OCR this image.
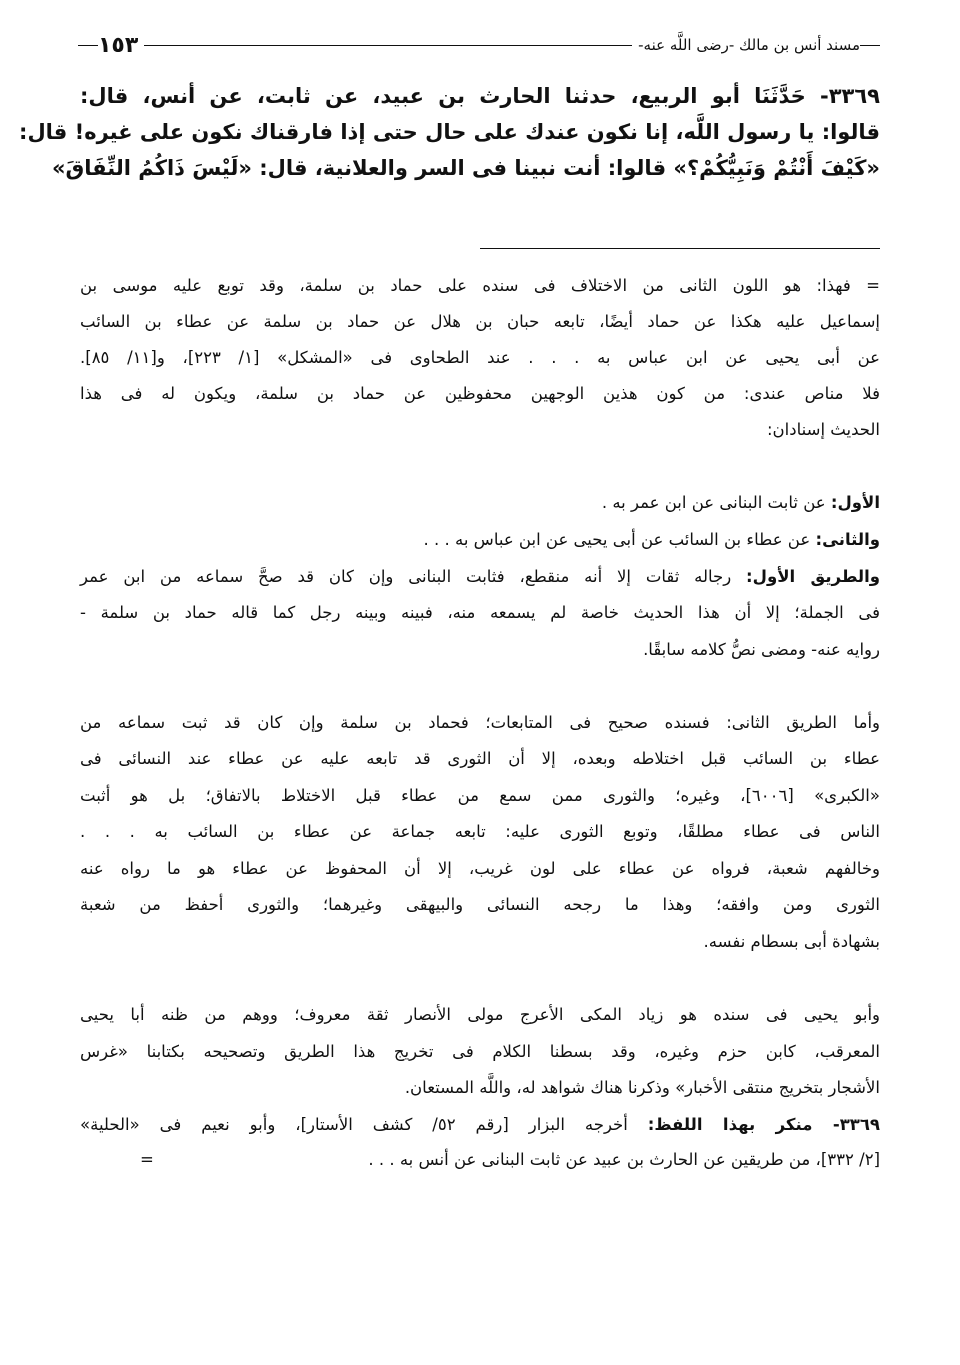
مسند أنس بن مالك -رضى اللَّه عنه-
١٥٣
٣٣٦٩- حَدَّثَنَا أبو الربيع، حدثنا الحارث بن عبيد، عن ثابت، عن أنس، قال:
قالوا: يا رسول اللَّه، إنا نكون عندك على حال حتى إذا فارقناك نكون على غيره! قال:
«كَيْفَ أَنْتُمْ وَنَبِيُّكُمْ؟» قالوا: أنت نبينا فى السر والعلانية، قال: «لَيْسَ ذَاكُمُ النِّفَاقَ»
= فهذا: هو اللون الثانى من الاختلاف فى سنده على حماد بن سلمة، وقد توبع عليه موسى بن
إسماعيل عليه هكذا عن حماد أيضًا، تابعه حبان بن هلال عن حماد بن سلمة عن عطاء بن السائب
عن أبى يحيى عن ابن عباس به . . . عند الطحاوى فى «المشكل» [١/ ٢٢٣]، و[١١/ ٨٥].
فلا مناص عندى: من كون هذين الوجهين محفوظين عن حماد بن سلمة، ويكون له فى هذا
الحديث إسنادان:
الأول: عن ثابت البنانى عن ابن عمر به .
والثانى: عن عطاء بن السائب عن أبى يحيى عن ابن عباس به . . .
والطريق الأول: رجاله ثقات إلا أنه منقطع، فثابت البنانى وإن كان قد صحَّ سماعه من ابن عمر
فى الجملة؛ إلا أن هذا الحديث خاصة لم يسمعه منه، فبينه وبينه رجل كما قاله حماد بن سلمة -
روايه عنه- ومضى نصُّ كلامه سابقًا.
وأما الطريق الثانى: فسنده صحيح فى المتابعات؛ فحماد بن سلمة وإن كان قد ثبت سماعه من
عطاء بن السائب قبل اختلاطه وبعده، إلا أن الثورى قد تابعه عليه عن عطاء عند النسائى فى
«الكبرى» [٦٠٠٦]، وغيره؛ والثورى ممن سمع من عطاء قبل الاختلاط بالاتفاق؛ بل هو أثبت
الناس فى عطاء مطلقًا، وتوبع الثورى عليه: تابعه جماعة عن عطاء بن السائب به . . .
وخالفهم شعبة، فرواه عن عطاء على لون غريب، إلا أن المحفوظ عن عطاء هو ما رواه عنه
الثورى ومن وافقه؛ وهذا ما رجحه النسائى والبيهقى وغيرهما؛ والثورى أحفظ من شعبة
بشهادة أبى بسطام نفسه.
وأبو يحيى فى سنده هو زياد المكى الأعرج مولى الأنصار ثقة معروف؛ ووهم من ظنه أبا يحيى
المعرقب، كابن حزم وغيره، وقد بسطنا الكلام فى تخريج هذا الطريق وتصحيحه بكتابنا «غرس
الأشجار بتخريج منتقى الأخبار» وذكرنا هناك شواهد له، واللَّه المستعان.
٣٣٦٩- منكر بهذا اللفظ: أخرجه البزار [رقم ٥٢/ كشف الأستار]، وأبو نعيم فى «الحلية»
[٢/ ٣٣٢]، من طريقين عن الحارث بن عبيد عن ثابت البنانى عن أنس به . . .
=
